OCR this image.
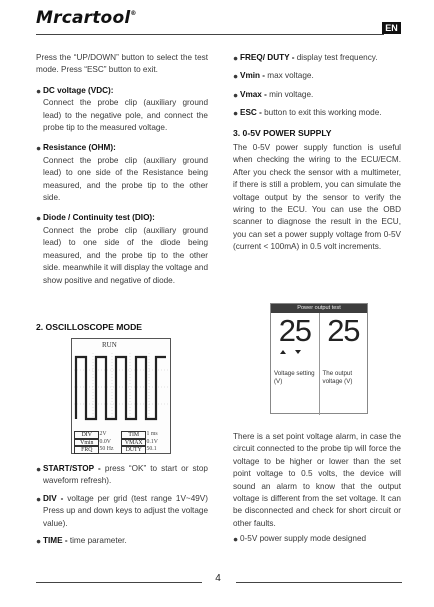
Mrcartool®
EN

Press the “UP/DOWN” button to select the test mode. Press “ESC” button to exit.

● DC voltage (VDC):

Connect the probe clip (auxiliary ground lead) to the negative pole, and connect the probe tip to the measured voltage.

● Resistance (OHM):

Connect the probe clip (auxiliary ground lead) to one side of the Resistance being measured, and the probe tip to the other side.

● Diode / Continuity test (DIO):

Connect the probe clip (auxiliary ground lead) to one side of the diode being measured, and the probe tip to the other side. meanwhile it will display the voltage and show positive and negative of diode.

2. OSCILLOSCOPE MODE
RUN
DIV	2V	TIM	1 ms
Vmin	0.0V	VMAX 0.1V
FRQ	50 Hz	DUTY 50.1
● START/STOP - press “OK” to start or stop waveform refresh).

● DIV - voltage per grid (test range 1V~49V) Press up and down keys to adjust the voltage value).

● TIME - time parameter.

● FREQ/ DUTY - display test frequency.

● Vmin - max voltage.

● Vmax - min voltage.

● ESC - button to exit this working mode.

3. 0-5V POWER SUPPLY

The 0-5V power supply function is useful when checking the wiring to the ECU/ECM. After you check the sensor with a multimeter, if there is still a problem, you can simulate the voltage output by the sensor to verify the wiring to the ECU. You can use the OBD scanner to diagnose the result in the ECU, you can set a power supply voltage from 0-5V (current < 100mA) in 0.5 volt increments.

Power output test
25 25
Voltage setting (V)
The output voltage (V)

There is a set point voltage alarm, in case the circuit connected to the probe tip will force the voltage to be higher or lower than the set point voltage to 0.5 volts, the device will sound an alarm to know that the output voltage is different from the set voltage. It can be disconnected and check for short circuit or other faults.

● 0-5V power supply mode designed

4
